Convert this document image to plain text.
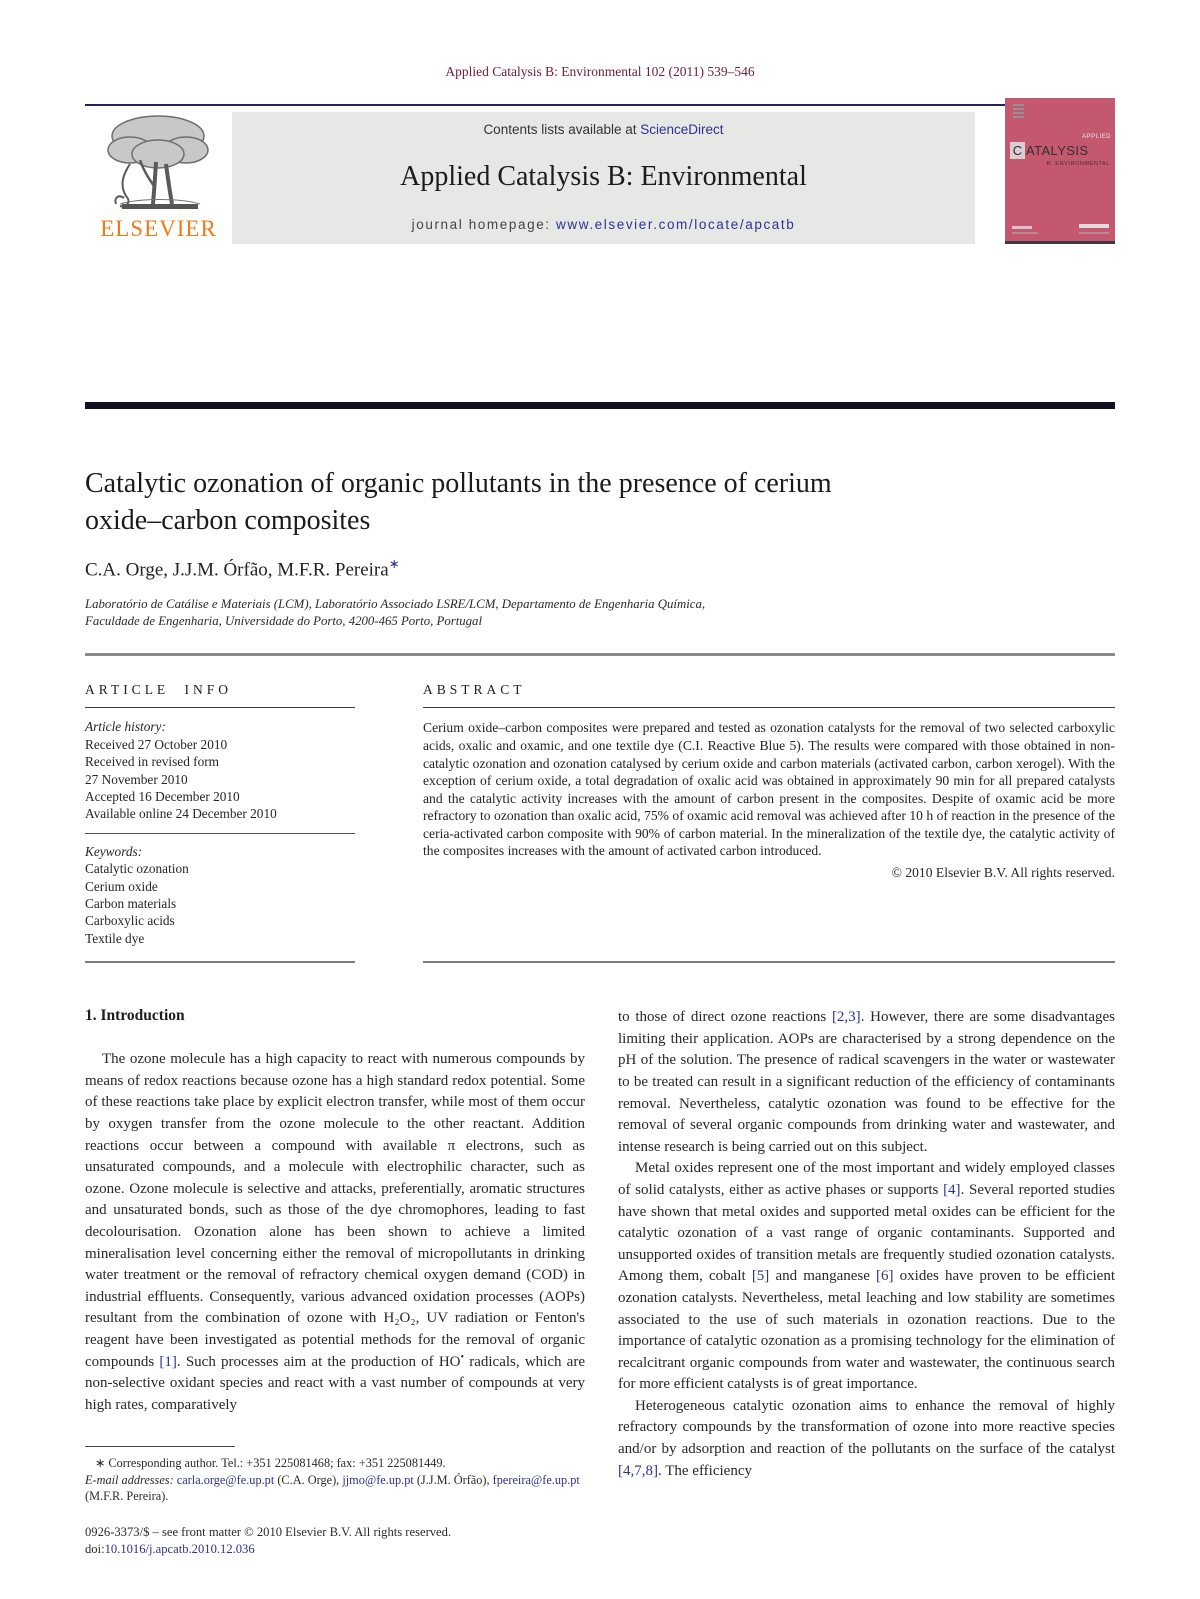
Applied Catalysis B: Environmental 102 (2011) 539–546
ELSEVIER
Contents lists available at ScienceDirect
Applied Catalysis B: Environmental
journal homepage: www.elsevier.com/locate/apcatb
APPLIED
C ATALYSIS
B: ENVIRONMENTAL
Catalytic ozonation of organic pollutants in the presence of cerium
oxide–carbon composites
C.A. Orge, J.J.M. Órfão, M.F.R. Pereira∗
Laboratório de Catálise e Materiais (LCM), Laboratório Associado LSRE/LCM, Departamento de Engenharia Química,
Faculdade de Engenharia, Universidade do Porto, 4200-465 Porto, Portugal
ARTICLE INFO
Article history:
Received 27 October 2010
Received in revised form
27 November 2010
Accepted 16 December 2010
Available online 24 December 2010
Keywords:
Catalytic ozonation
Cerium oxide
Carbon materials
Carboxylic acids
Textile dye
ABSTRACT
Cerium oxide–carbon composites were prepared and tested as ozonation catalysts for the removal of two selected carboxylic acids, oxalic and oxamic, and one textile dye (C.I. Reactive Blue 5). The results were compared with those obtained in non-catalytic ozonation and ozonation catalysed by cerium oxide and carbon materials (activated carbon, carbon xerogel). With the exception of cerium oxide, a total degradation of oxalic acid was obtained in approximately 90 min for all prepared catalysts and the catalytic activity increases with the amount of carbon present in the composites. Despite of oxamic acid be more refractory to ozonation than oxalic acid, 75% of oxamic acid removal was achieved after 10 h of reaction in the presence of the ceria-activated carbon composite with 90% of carbon material. In the mineralization of the textile dye, the catalytic activity of the composites increases with the amount of activated carbon introduced.
© 2010 Elsevier B.V. All rights reserved.
1. Introduction

The ozone molecule has a high capacity to react with numerous compounds by means of redox reactions because ozone has a high standard redox potential. Some of these reactions take place by explicit electron transfer, while most of them occur by oxygen transfer from the ozone molecule to the other reactant. Addition reactions occur between a compound with available π electrons, such as unsaturated compounds, and a molecule with electrophilic character, such as ozone. Ozone molecule is selective and attacks, preferentially, aromatic structures and unsaturated bonds, such as those of the dye chromophores, leading to fast decolourisation. Ozonation alone has been shown to achieve a limited mineralisation level concerning either the removal of micropollutants in drinking water treatment or the removal of refractory chemical oxygen demand (COD) in industrial effluents. Consequently, various advanced oxidation processes (AOPs) resultant from the combination of ozone with H₂O₂, UV radiation or Fenton's reagent have been investigated as potential methods for the removal of organic compounds [1]. Such processes aim at the production of HO• radicals, which are non-selective oxidant species and react with a vast number of compounds at very high rates, comparatively

∗ Corresponding author. Tel.: +351 225081468; fax: +351 225081449.
E-mail addresses: carla.orge@fe.up.pt (C.A. Orge), jjmo@fe.up.pt (J.J.M. Órfão), fpereira@fe.up.pt (M.F.R. Pereira).

to those of direct ozone reactions [2,3]. However, there are some disadvantages limiting their application. AOPs are characterised by a strong dependence on the pH of the solution. The presence of radical scavengers in the water or wastewater to be treated can result in a significant reduction of the efficiency of contaminants removal. Nevertheless, catalytic ozonation was found to be effective for the removal of several organic compounds from drinking water and wastewater, and intense research is being carried out on this subject.

Metal oxides represent one of the most important and widely employed classes of solid catalysts, either as active phases or supports [4]. Several reported studies have shown that metal oxides and supported metal oxides can be efficient for the catalytic ozonation of a vast range of organic contaminants. Supported and unsupported oxides of transition metals are frequently studied ozonation catalysts. Among them, cobalt [5] and manganese [6] oxides have proven to be efficient ozonation catalysts. Nevertheless, metal leaching and low stability are sometimes associated to the use of such materials in ozonation reactions. Due to the importance of catalytic ozonation as a promising technology for the elimination of recalcitrant organic compounds from water and wastewater, the continuous search for more efficient catalysts is of great importance.

Heterogeneous catalytic ozonation aims to enhance the removal of highly refractory compounds by the transformation of ozone into more reactive species and/or by adsorption and reaction of the pollutants on the surface of the catalyst [4,7,8]. The efficiency

0926-3373/$ – see front matter © 2010 Elsevier B.V. All rights reserved.
doi:10.1016/j.apcatb.2010.12.036
